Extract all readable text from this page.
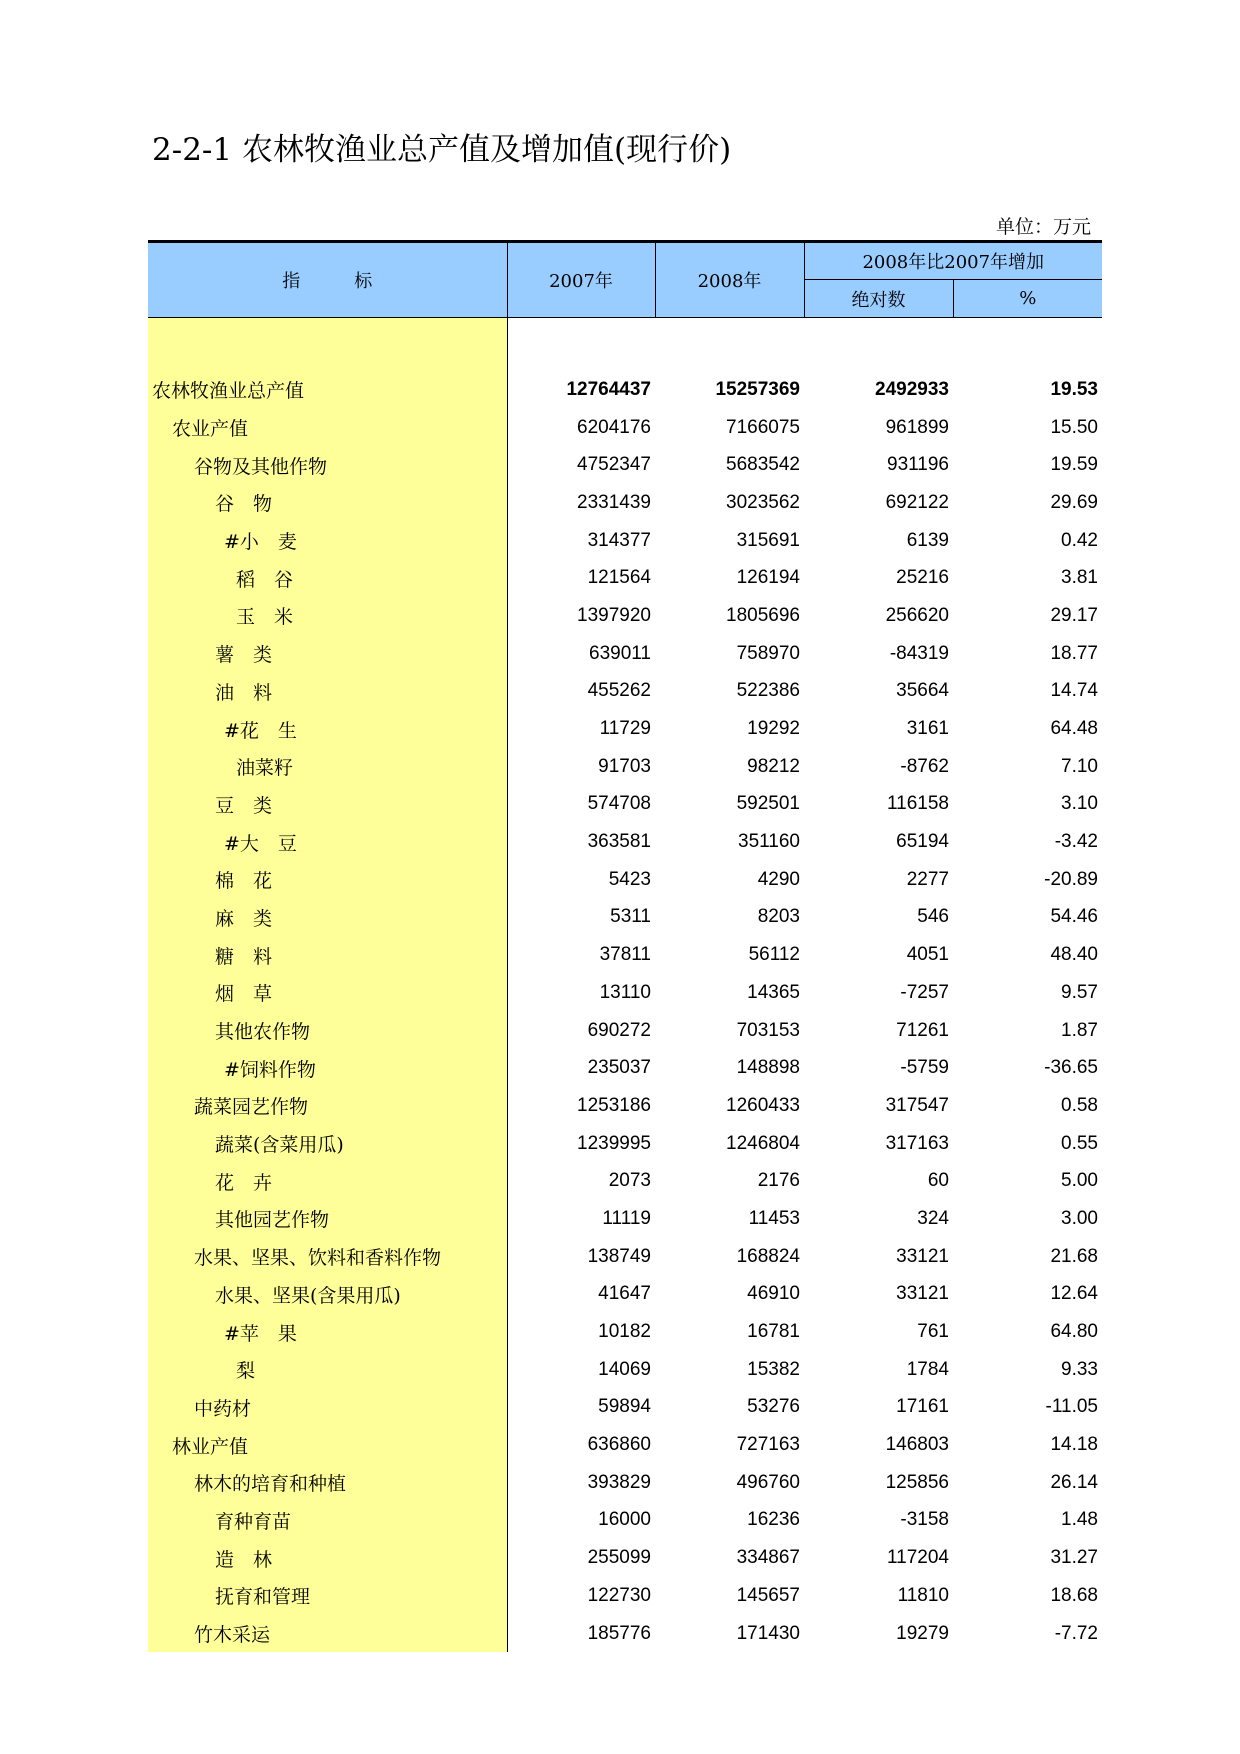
2-2-1 农林牧渔业总产值及增加值(现行价)
单位：万元
指　　　标	2007年	2008年	2008年比2007年增加	
			绝对数	%

农林牧渔业总产值	12764437	15257369	2492933	19.53
农业产值	6204176	7166075	961899	15.50
谷物及其他作物	4752347	5683542	931196	19.59
谷　物	2331439	3023562	692122	29.69
#小　麦	314377	315691	6139	0.42
稻　谷	121564	126194	25216	3.81
玉　米	1397920	1805696	256620	29.17
薯　类	639011	758970	-84319	18.77
油　料	455262	522386	35664	14.74
#花　生	11729	19292	3161	64.48
油菜籽	91703	98212	-8762	7.10
豆　类	574708	592501	116158	3.10
#大　豆	363581	351160	65194	-3.42
棉　花	5423	4290	2277	-20.89
麻　类	5311	8203	546	54.46
糖　料	37811	56112	4051	48.40
烟　草	13110	14365	-7257	9.57
其他农作物	690272	703153	71261	1.87
#饲料作物	235037	148898	-5759	-36.65
蔬菜园艺作物	1253186	1260433	317547	0.58
蔬菜(含菜用瓜)	1239995	1246804	317163	0.55
花　卉	2073	2176	60	5.00
其他园艺作物	11119	11453	324	3.00
水果、坚果、饮料和香料作物	138749	168824	33121	21.68
水果、坚果(含果用瓜)	41647	46910	33121	12.64
#苹　果	10182	16781	761	64.80
梨	14069	15382	1784	9.33
中药材	59894	53276	17161	-11.05
林业产值	636860	727163	146803	14.18
林木的培育和种植	393829	496760	125856	26.14
育种育苗	16000	16236	-3158	1.48
造　林	255099	334867	117204	31.27
抚育和管理	122730	145657	11810	18.68
竹木采运	185776	171430	19279	-7.72
